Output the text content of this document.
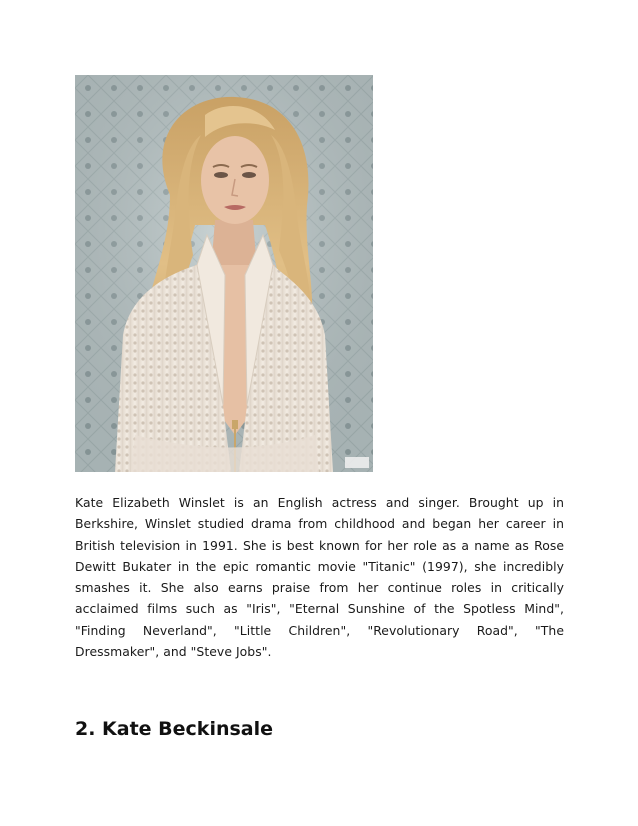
Kate Elizabeth Winslet is an English actress and singer. Brought up in Berkshire, Winslet studied drama from childhood and began her career in British television in 1991. She is best known for her role as a name as Rose Dewitt Bukater in the epic romantic movie "Titanic" (1997), she incredibly smashes it. She also earns praise from her continue roles in critically acclaimed films such as "Iris", "Eternal Sunshine of the Spotless Mind", "Finding Neverland", "Little Children", "Revolutionary Road", "The Dressmaker", and "Steve Jobs".

2. Kate Beckinsale
